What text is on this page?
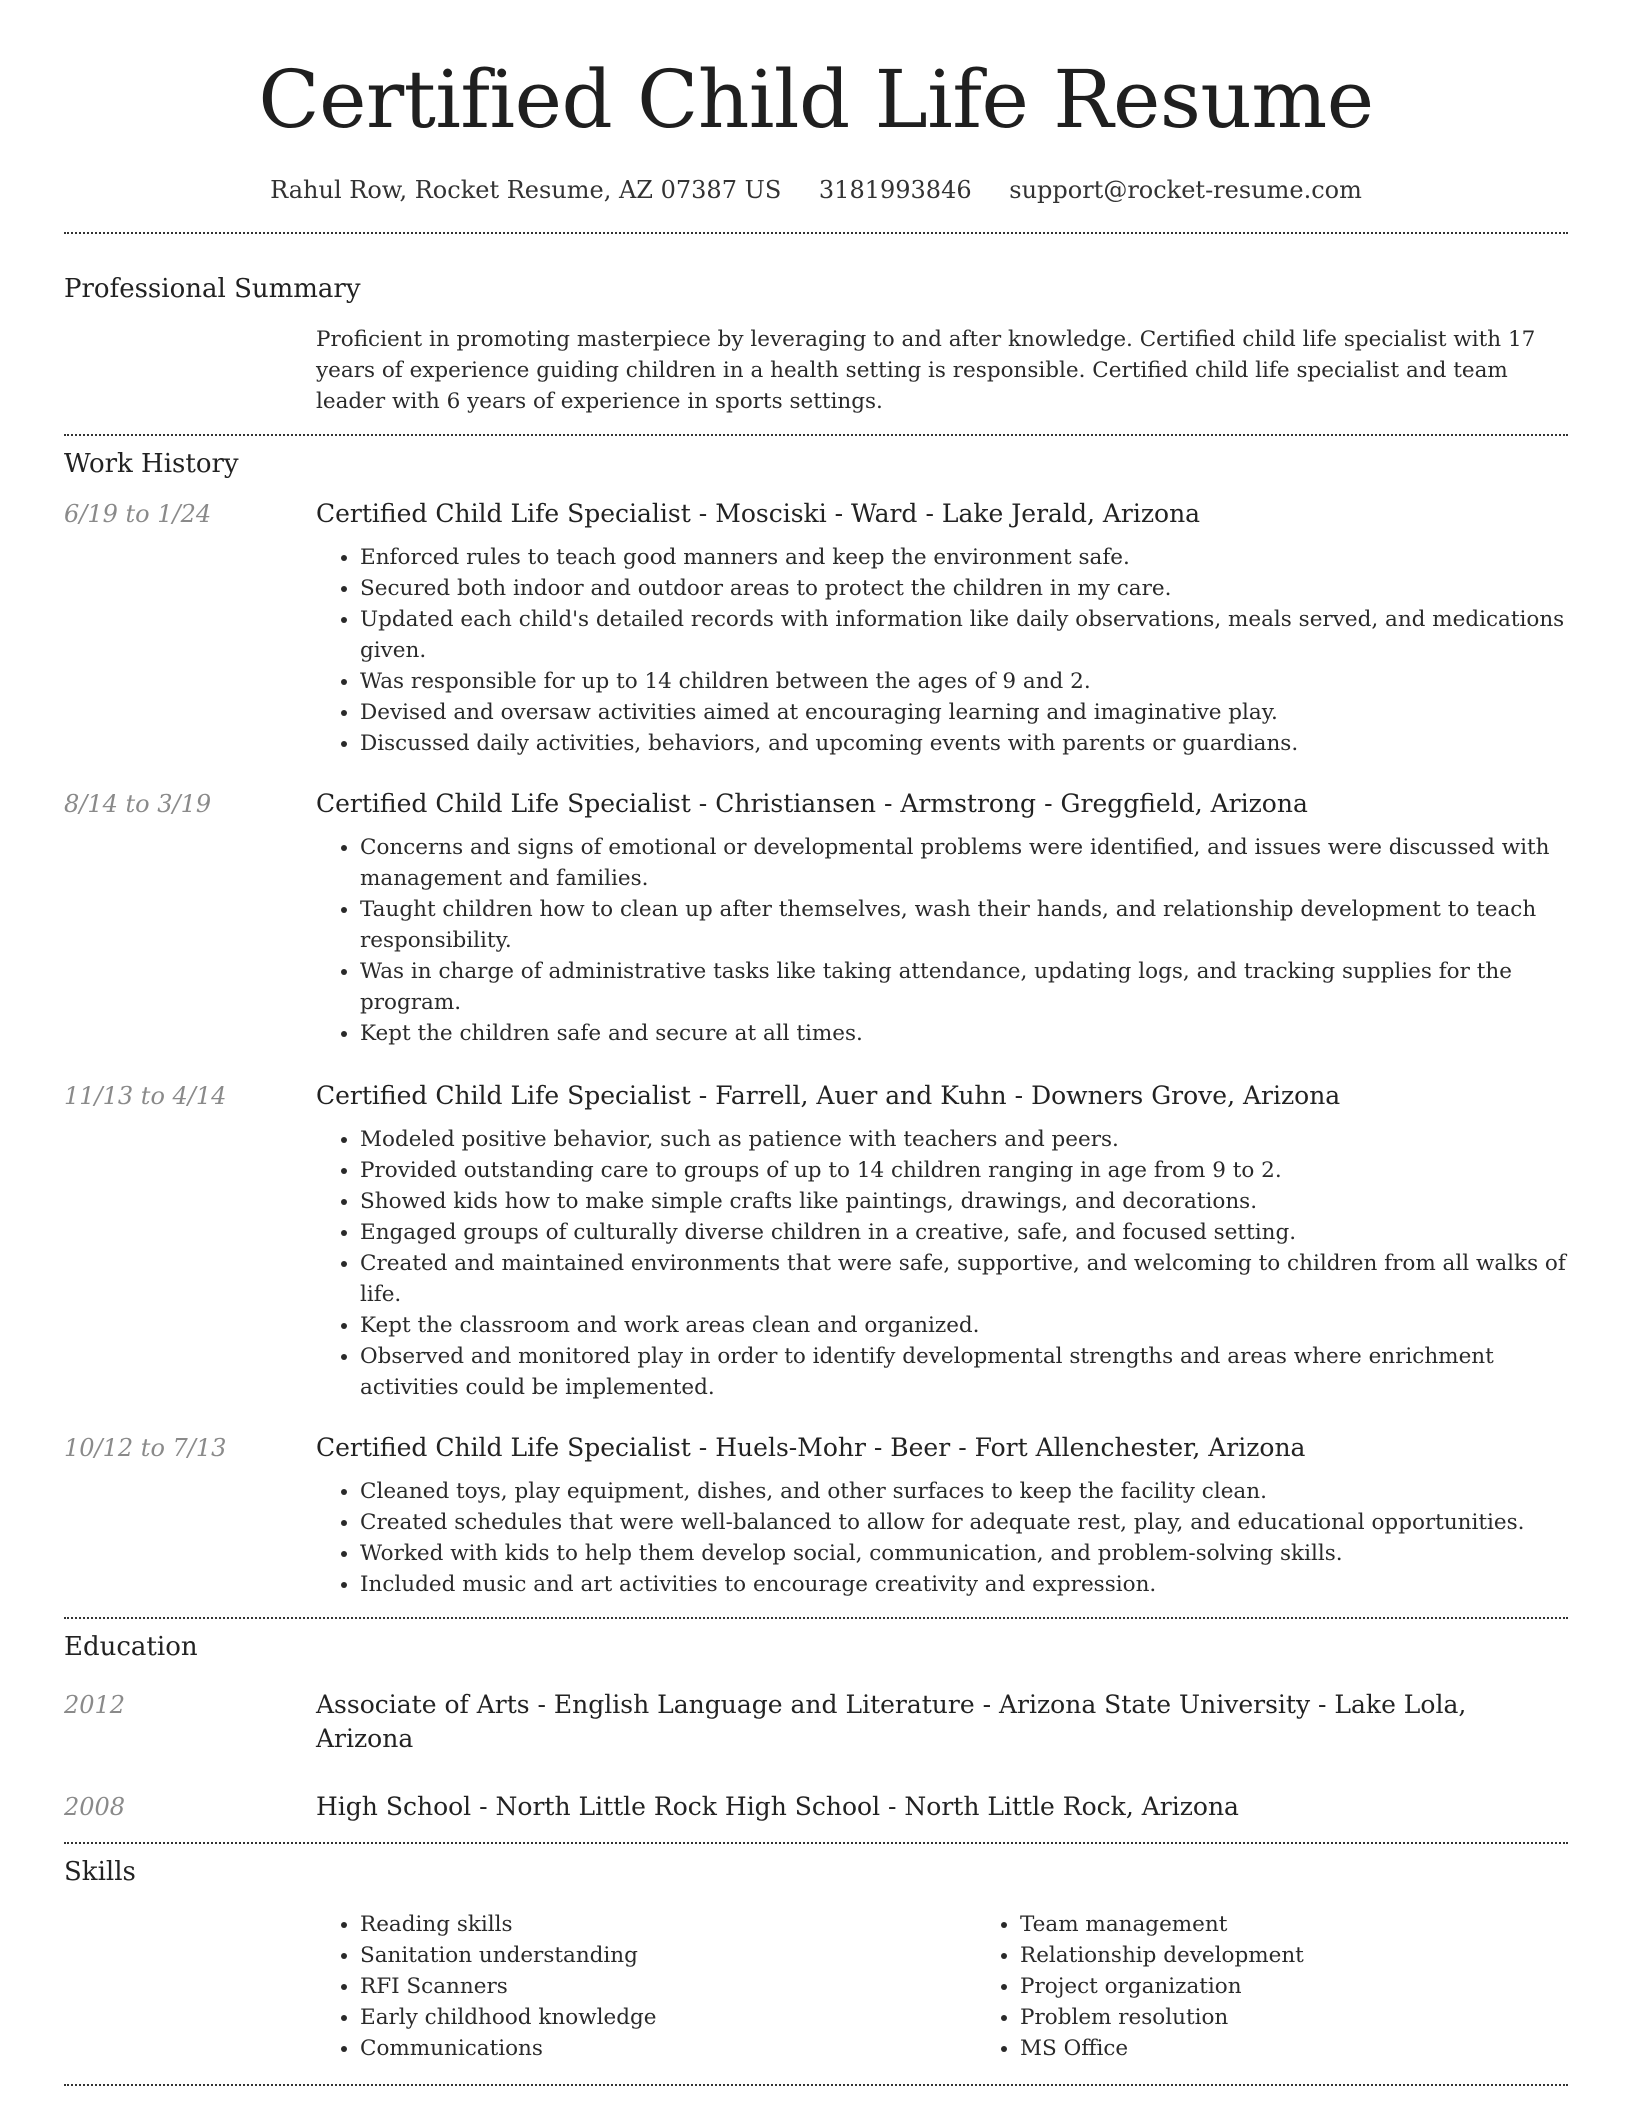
Certified Child Life Resume
Rahul Row, Rocket Resume, AZ 07387 US 3181993846 support@rocket-resume.com
Professional Summary
Proficient in promoting masterpiece by leveraging to and after knowledge. Certified child life specialist with 17 years of experience guiding children in a health setting is responsible. Certified child life specialist and team leader with 6 years of experience in sports settings.
Work History
6/19 to 1/24	Certified Child Life Specialist - Mosciski - Ward - Lake Jerald, Arizona
• Enforced rules to teach good manners and keep the environment safe.
• Secured both indoor and outdoor areas to protect the children in my care.
• Updated each child's detailed records with information like daily observations, meals served, and medications given.
• Was responsible for up to 14 children between the ages of 9 and 2.
• Devised and oversaw activities aimed at encouraging learning and imaginative play.
• Discussed daily activities, behaviors, and upcoming events with parents or guardians.
8/14 to 3/19	Certified Child Life Specialist - Christiansen - Armstrong - Greggfield, Arizona
• Concerns and signs of emotional or developmental problems were identified, and issues were discussed with management and families.
• Taught children how to clean up after themselves, wash their hands, and relationship development to teach responsibility.
• Was in charge of administrative tasks like taking attendance, updating logs, and tracking supplies for the program.
• Kept the children safe and secure at all times.
11/13 to 4/14	Certified Child Life Specialist - Farrell, Auer and Kuhn - Downers Grove, Arizona
• Modeled positive behavior, such as patience with teachers and peers.
• Provided outstanding care to groups of up to 14 children ranging in age from 9 to 2.
• Showed kids how to make simple crafts like paintings, drawings, and decorations.
• Engaged groups of culturally diverse children in a creative, safe, and focused setting.
• Created and maintained environments that were safe, supportive, and welcoming to children from all walks of life.
• Kept the classroom and work areas clean and organized.
• Observed and monitored play in order to identify developmental strengths and areas where enrichment activities could be implemented.
10/12 to 7/13	Certified Child Life Specialist - Huels-Mohr - Beer - Fort Allenchester, Arizona
• Cleaned toys, play equipment, dishes, and other surfaces to keep the facility clean.
• Created schedules that were well-balanced to allow for adequate rest, play, and educational opportunities.
• Worked with kids to help them develop social, communication, and problem-solving skills.
• Included music and art activities to encourage creativity and expression.
Education
2012	Associate of Arts - English Language and Literature - Arizona State University - Lake Lola, Arizona
2008	High School - North Little Rock High School - North Little Rock, Arizona
Skills
• Reading skills
• Sanitation understanding
• RFI Scanners
• Early childhood knowledge
• Communications
• Team management
• Relationship development
• Project organization
• Problem resolution
• MS Office
